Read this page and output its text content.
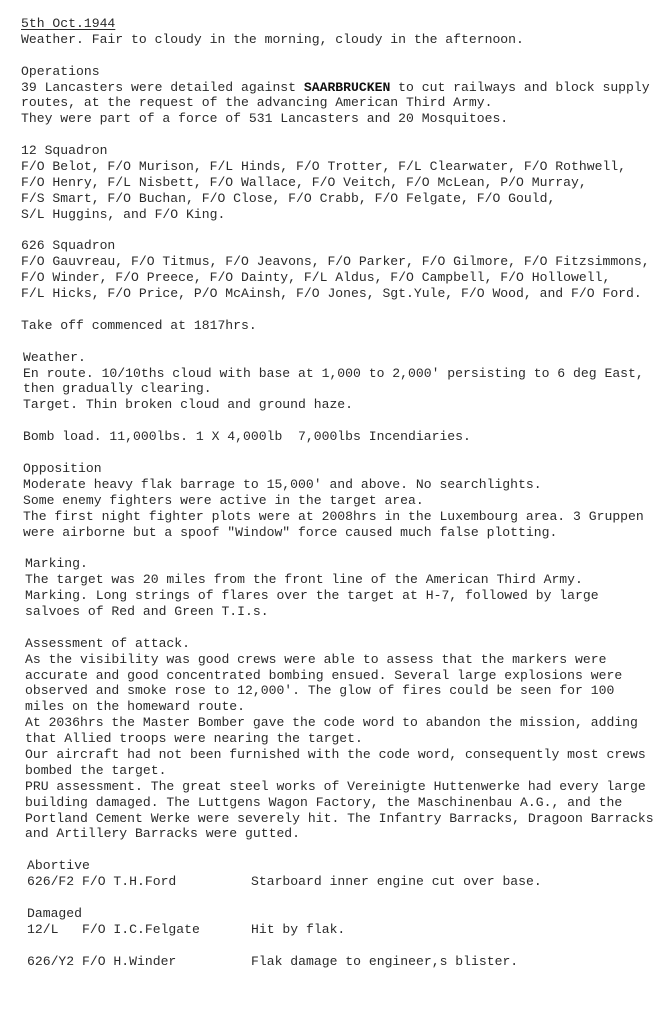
5th Oct.1944
Weather. Fair to cloudy in the morning, cloudy in the afternoon.
Operations
39 Lancasters were detailed against SAARBRUCKEN to cut railways and block supply
routes, at the request of the advancing American Third Army.
They were part of a force of 531 Lancasters and 20 Mosquitoes.
12 Squadron
F/O Belot, F/O Murison, F/L Hinds, F/O Trotter, F/L Clearwater, F/O Rothwell,
F/O Henry, F/L Nisbett, F/O Wallace, F/O Veitch, F/O McLean, P/O Murray,
F/S Smart, F/O Buchan, F/O Close, F/O Crabb, F/O Felgate, F/O Gould,
S/L Huggins, and F/O King.
626 Squadron
F/O Gauvreau, F/O Titmus, F/O Jeavons, F/O Parker, F/O Gilmore, F/O Fitzsimmons,
F/O Winder, F/O Preece, F/O Dainty, F/L Aldus, F/O Campbell, F/O Hollowell,
F/L Hicks, F/O Price, P/O McAinsh, F/O Jones, Sgt.Yule, F/O Wood, and F/O Ford.
Take off commenced at 1817hrs.
Weather.
En route. 10/10ths cloud with base at 1,000 to 2,000' persisting to 6 deg East,
then gradually clearing.
Target. Thin broken cloud and ground haze.
Bomb load. 11,000lbs. 1 X 4,000lb  7,000lbs Incendiaries.
Opposition
Moderate heavy flak barrage to 15,000' and above. No searchlights.
Some enemy fighters were active in the target area.
The first night fighter plots were at 2008hrs in the Luxembourg area. 3 Gruppen
were airborne but a spoof "Window" force caused much false plotting.
Marking.
The target was 20 miles from the front line of the American Third Army.
Marking. Long strings of flares over the target at H-7, followed by large
salvoes of Red and Green T.I.s.
Assessment of attack.
As the visibility was good crews were able to assess that the markers were
accurate and good concentrated bombing ensued. Several large explosions were
observed and smoke rose to 12,000'. The glow of fires could be seen for 100
miles on the homeward route.
At 2036hrs the Master Bomber gave the code word to abandon the mission, adding
that Allied troops were nearing the target.
Our aircraft had not been furnished with the code word, consequently most crews
bombed the target.
PRU assessment. The great steel works of Vereinigte Huttenwerke had every large
building damaged. The Luttgens Wagon Factory, the Maschinenbau A.G., and the
Portland Cement Werke were severely hit. The Infantry Barracks, Dragoon Barracks
and Artillery Barracks were gutted.
Abortive
626/F2 F/O T.H.Ford	Starboard inner engine cut over base.
Damaged
12/L   F/O I.C.Felgate	Hit by flak.
626/Y2 F/O H.Winder	Flak damage to engineer,s blister.
